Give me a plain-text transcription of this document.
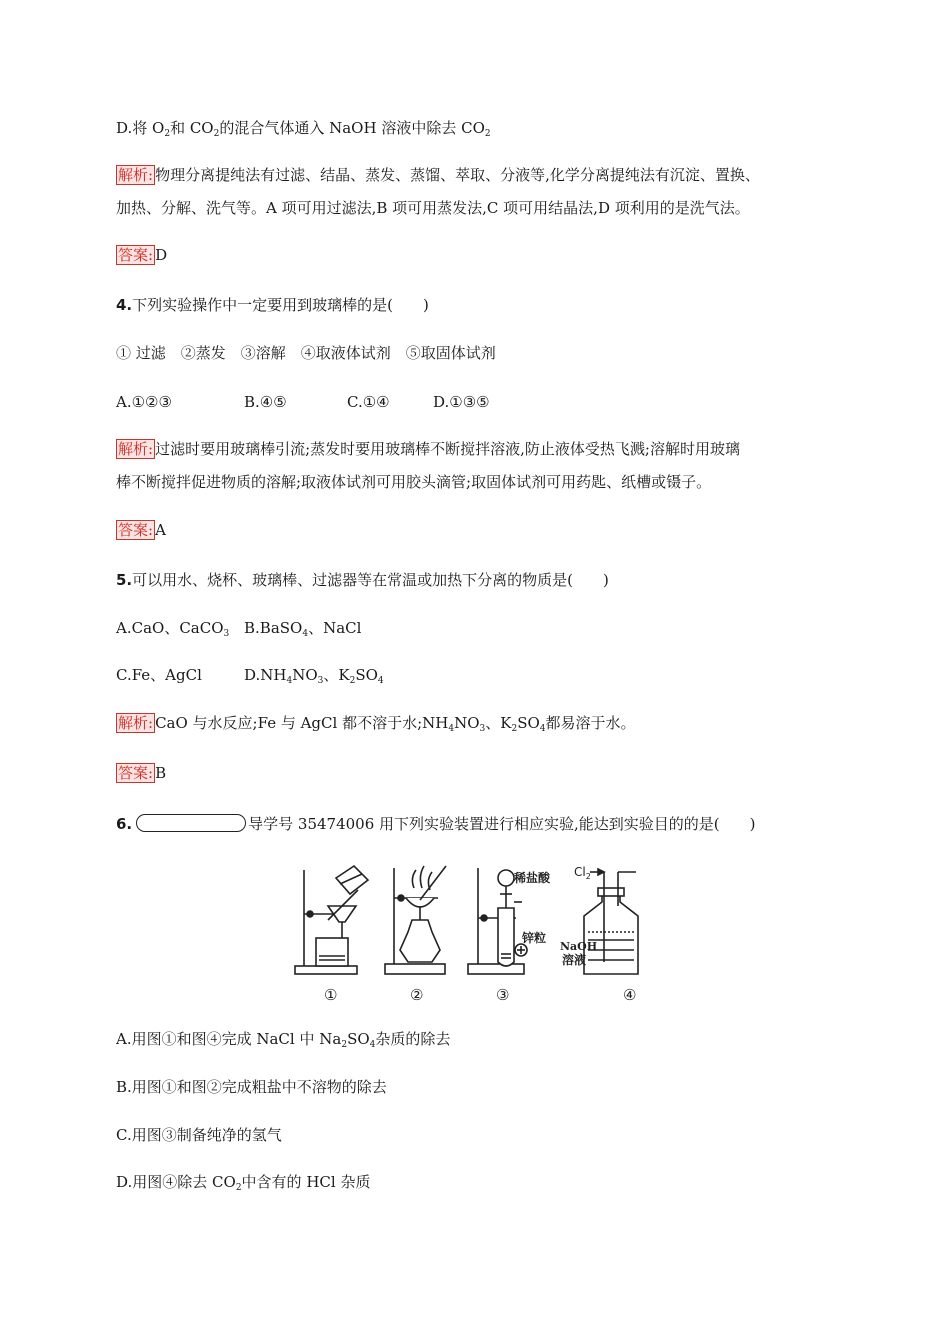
D.将 $O_2$和 $CO_2$的混合气体通入 NaOH 溶液中除去 $CO_2$
解析: 物理分离提纯法有过滤、结晶、蒸发、蒸馏、萃取、分液等,化学分离提纯法有沉淀、置换、
加热、分解、洗气等。A 项可用过滤法,B 项可用蒸发法,C 项可用结晶法,D 项利用的是洗气法。
答案: D
4.下列实验操作中一定要用到玻璃棒的是(　　)
① 过滤　②蒸发　③溶解　④取液体试剂　⑤取固体试剂
A.①②③	B.④⑤	C.①④	D.①③⑤
解析: 过滤时要用玻璃棒引流;蒸发时要用玻璃棒不断搅拌溶液,防止液体受热飞溅;溶解时用玻璃
棒不断搅拌促进物质的溶解;取液体试剂可用胶头滴管;取固体试剂可用药匙、纸槽或镊子。
答案: A
5.可以用水、烧杯、玻璃棒、过滤器等在常温或加热下分离的物质是(　　)
A.CaO、CaCO$_3$ B.BaSO$_4$、NaCl
C.Fe、AgCl	$D.NH_4NO_3$、$K_2SO_4$
解析: CaO 与水反应;Fe 与 AgCl 都不溶于水$;NH_4NO_3$、$K_2SO_4$都易溶于水。
答案: B
6.	导学号 35474006 用下列实验装置进行相应实验,能达到实验目的的是(　　)
稀盐酸
锌粒
$Cl_2$
NaOH
溶液
①	②	③	④
A.用图①和图④完成 NaCl 中 $Na_2SO_4$杂质的除去
B.用图①和图②完成粗盐中不溶物的除去
C.用图③制备纯净的氢气
D.用图④除去 $CO_2$中含有的 HCl 杂质
